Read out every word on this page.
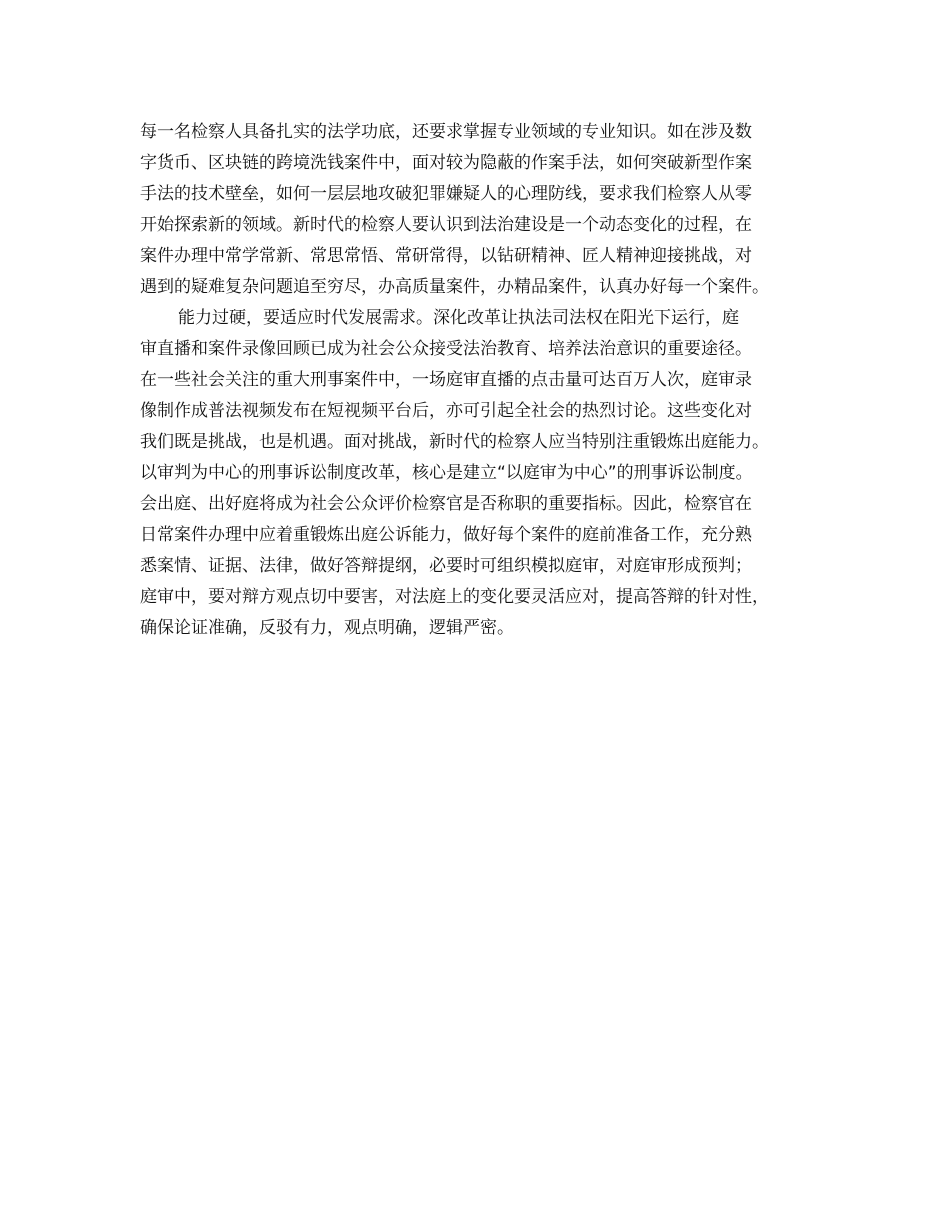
每一名检察人具备扎实的法学功底，还要求掌握专业领域的专业知识。如在涉及数
字货币、区块链的跨境洗钱案件中，面对较为隐蔽的作案手法，如何突破新型作案
手法的技术壁垒，如何一层层地攻破犯罪嫌疑人的心理防线，要求我们检察人从零
开始探索新的领域。新时代的检察人要认识到法治建设是一个动态变化的过程，在
案件办理中常学常新、常思常悟、常研常得，以钻研精神、匠人精神迎接挑战，对
遇到的疑难复杂问题追至穷尽，办高质量案件，办精品案件，认真办好每一个案件。
能力过硬，要适应时代发展需求。深化改革让执法司法权在阳光下运行，庭
审直播和案件录像回顾已成为社会公众接受法治教育、培养法治意识的重要途径。
在一些社会关注的重大刑事案件中，一场庭审直播的点击量可达百万人次，庭审录
像制作成普法视频发布在短视频平台后，亦可引起全社会的热烈讨论。这些变化对
我们既是挑战，也是机遇。面对挑战，新时代的检察人应当特别注重锻炼出庭能力。
以审判为中心的刑事诉讼制度改革，核心是建立“以庭审为中心”的刑事诉讼制度。
会出庭、出好庭将成为社会公众评价检察官是否称职的重要指标。因此，检察官在
日常案件办理中应着重锻炼出庭公诉能力，做好每个案件的庭前准备工作，充分熟
悉案情、证据、法律，做好答辩提纲，必要时可组织模拟庭审，对庭审形成预判；
庭审中，要对辩方观点切中要害，对法庭上的变化要灵活应对，提高答辩的针对性，
确保论证准确，反驳有力，观点明确，逻辑严密。
